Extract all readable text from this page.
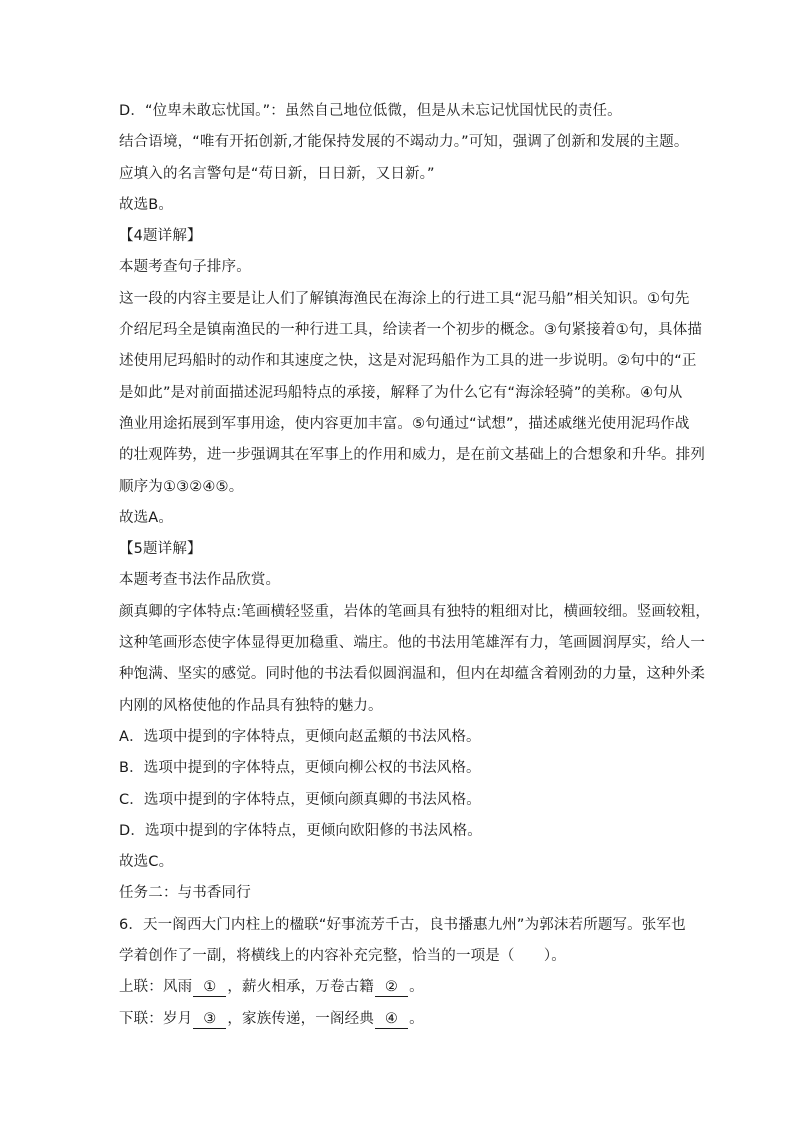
D．“位卑未敢忘忧国。”：虽然自己地位低微，但是从未忘记忧国忧民的责任。
结合语境，“唯有开拓创新,才能保持发展的不竭动力。”可知，强调了创新和发展的主题。
应填入的名言警句是“苟日新，日日新，又日新。”
故选B。
【4题详解】
本题考查句子排序。
这一段的内容主要是让人们了解镇海渔民在海涂上的行进工具“泥马船”相关知识。①句先
介绍尼玛全是镇南渔民的一种行进工具，给读者一个初步的概念。③句紧接着①句，具体描
述使用尼玛船时的动作和其速度之快，这是对泥玛船作为工具的进一步说明。②句中的“正
是如此”是对前面描述泥玛船特点的承接，解释了为什么它有“海涂轻骑”的美称。④句从
渔业用途拓展到军事用途，使内容更加丰富。⑤句通过“试想”，描述戚继光使用泥玛作战
的壮观阵势，进一步强调其在军事上的作用和威力，是在前文基础上的合想象和升华。排列
顺序为①③②④⑤。
故选A。
【5题详解】
本题考查书法作品欣赏。
颜真卿的字体特点:笔画横轻竖重，岩体的笔画具有独特的粗细对比，横画较细。竖画较粗，
这种笔画形态使字体显得更加稳重、端庄。他的书法用笔雄浑有力，笔画圆润厚实，给人一
种饱满、坚实的感觉。同时他的书法看似圆润温和，但内在却蕴含着刚劲的力量，这种外柔
内刚的风格使他的作品具有独特的魅力。
A．选项中提到的字体特点，更倾向赵孟頫的书法风格。
B．选项中提到的字体特点，更倾向柳公权的书法风格。
C．选项中提到的字体特点，更倾向颜真卿的书法风格。
D．选项中提到的字体特点，更倾向欧阳修的书法风格。
故选C。
任务二：与书香同行
6．天一阁西大门内柱上的楹联“好事流芳千古，良书播惠九州”为郭沫若所题写。张军也
学着创作了一副，将横线上的内容补充完整，恰当的一项是（　　）。
上联：风雨 ① ，薪火相承，万卷古籍 ② 。
下联：岁月 ③ ，家族传递，一阁经典 ④ 。
